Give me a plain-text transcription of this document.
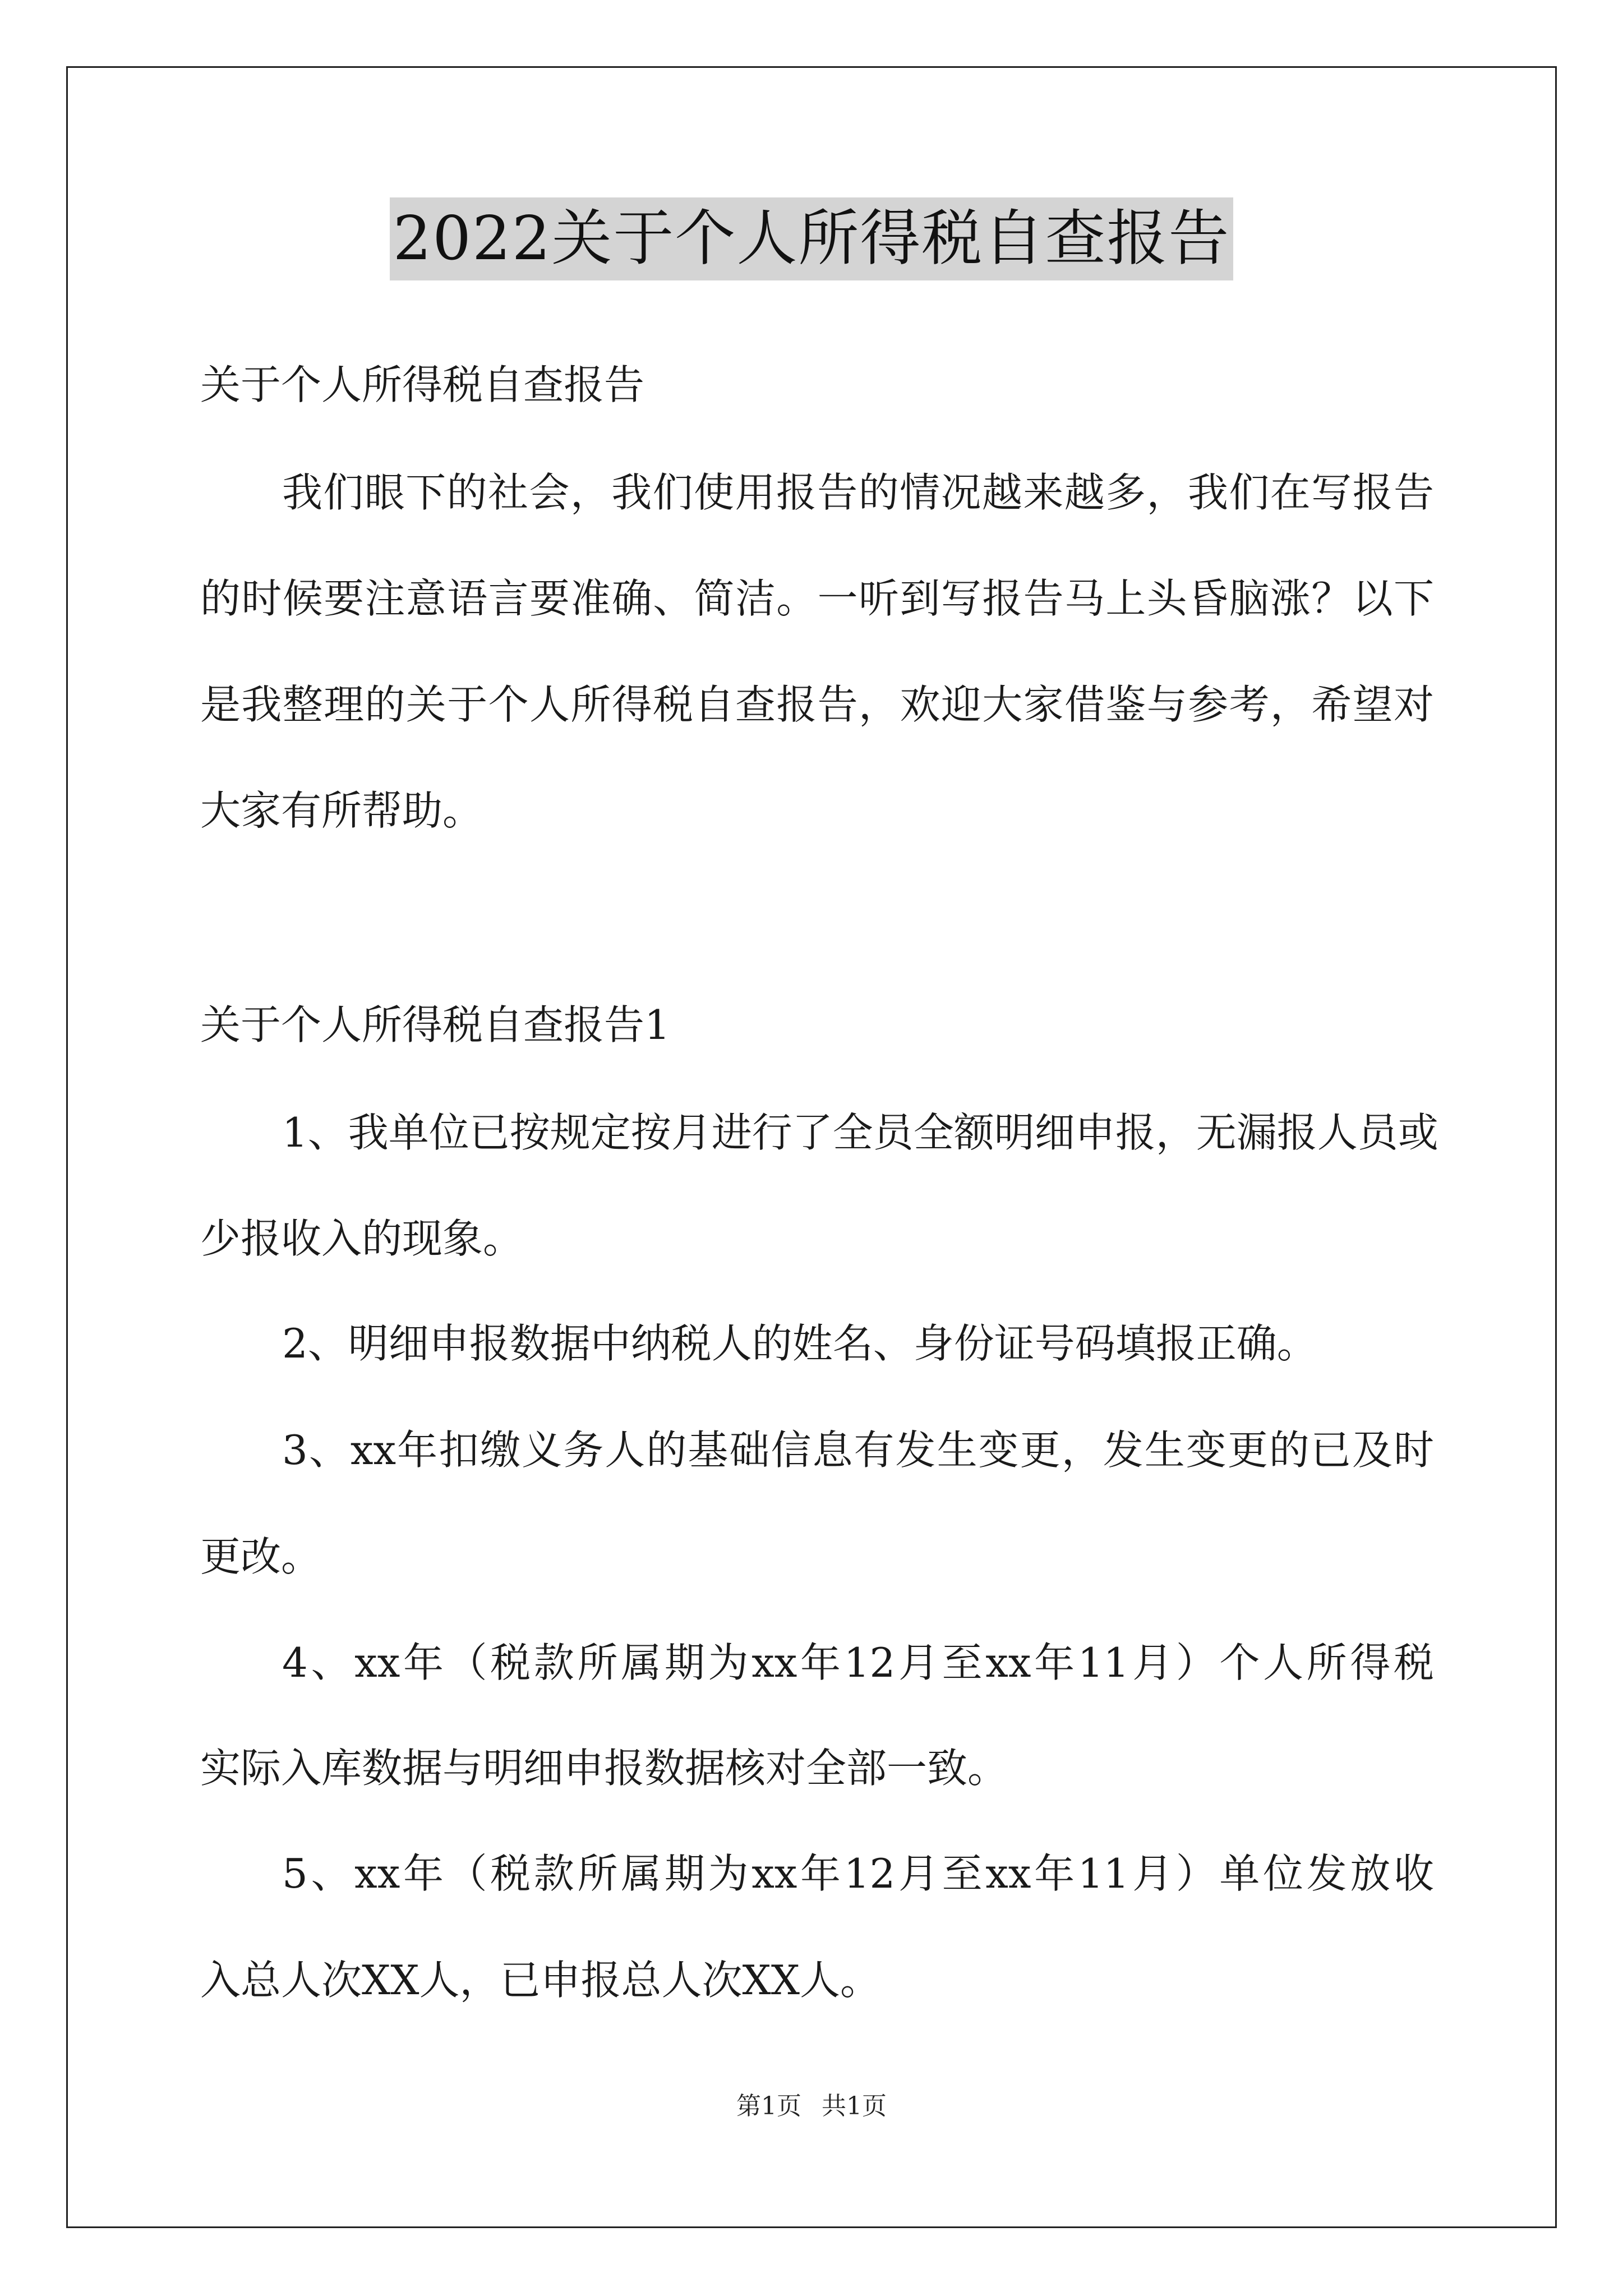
2022关于个人所得税自查报告
关于个人所得税自查报告
我们眼下的社会，我们使用报告的情况越来越多，我们在写报告
的时候要注意语言要准确、简洁。一听到写报告马上头昏脑涨？以下
是我整理的关于个人所得税自查报告，欢迎大家借鉴与参考，希望对
大家有所帮助。
关于个人所得税自查报告1
1、我单位已按规定按月进行了全员全额明细申报，无漏报人员或
少报收入的现象。
2、明细申报数据中纳税人的姓名、身份证号码填报正确。
3、xx年扣缴义务人的基础信息有发生变更，发生变更的已及时
更改。
4、xx年（税款所属期为xx年12月至xx年11月）个人所得税
实际入库数据与明细申报数据核对全部一致。
5、xx年（税款所属期为xx年12月至xx年11月）单位发放收
入总人次XX人，已申报总人次XX人。
第1页 共1页
